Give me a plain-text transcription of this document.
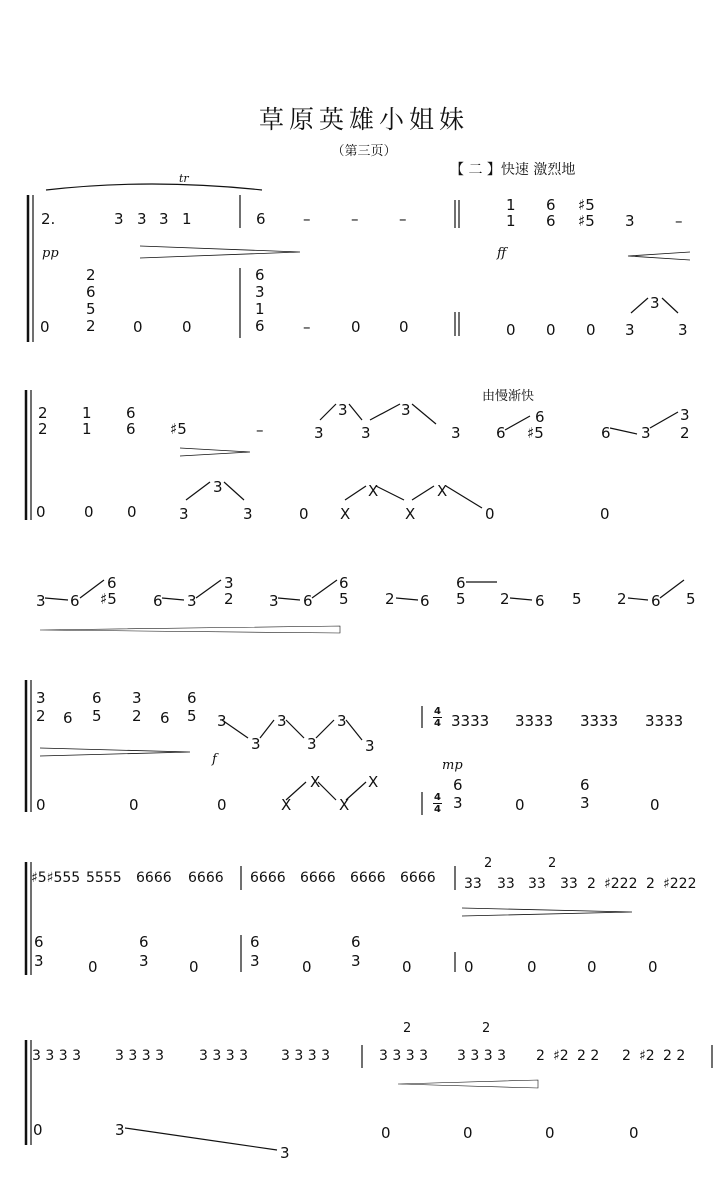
草原英雄小姐妹
（第三页）
【 二 】快速 激烈地
由慢渐快
tr
pp	ff
f	mp
4
4
4
4
2.	3 3 3 1	6 –	–	–
1 6 ♯5
1 6 ♯5 3	–
2
6
5
2
6
3
1
6
0	0	0	–	0	0	0 0 0 3
3
3
2 1 6
2 1 6 ♯5	–	3
3
3
3
3 6
6
♯5	6 3
3
2
0	0 0	3
3
3	0 X
X
X
X
0	0
6	3	6	6
3 6 ♯5 6 3 2 3 6 5 2 6 5 2 6 5 2 6 5
3	6 3	6
2 6 5 2 6 5 3
3
3
3
3
3
3333 3333 3333 3333
0	0	0	X
X
X
X	6
3	0
6
3	0
♯5♯555 5555 6666 6666 6666 6666 6666 6666 33 33 33 33 2 ♯222 2 ♯222
2	2
6
3	0
6
3	0
6
3	0
6
3	0	0	0	0	0
3 3 3 3 3 3 3 3	3 3 3 3 3 3 3 3	3 3 3 3 3 3 3 3 2 ♯2 2 2 2 ♯2 2 2
2	2
0	3
3
0	0	0	0
